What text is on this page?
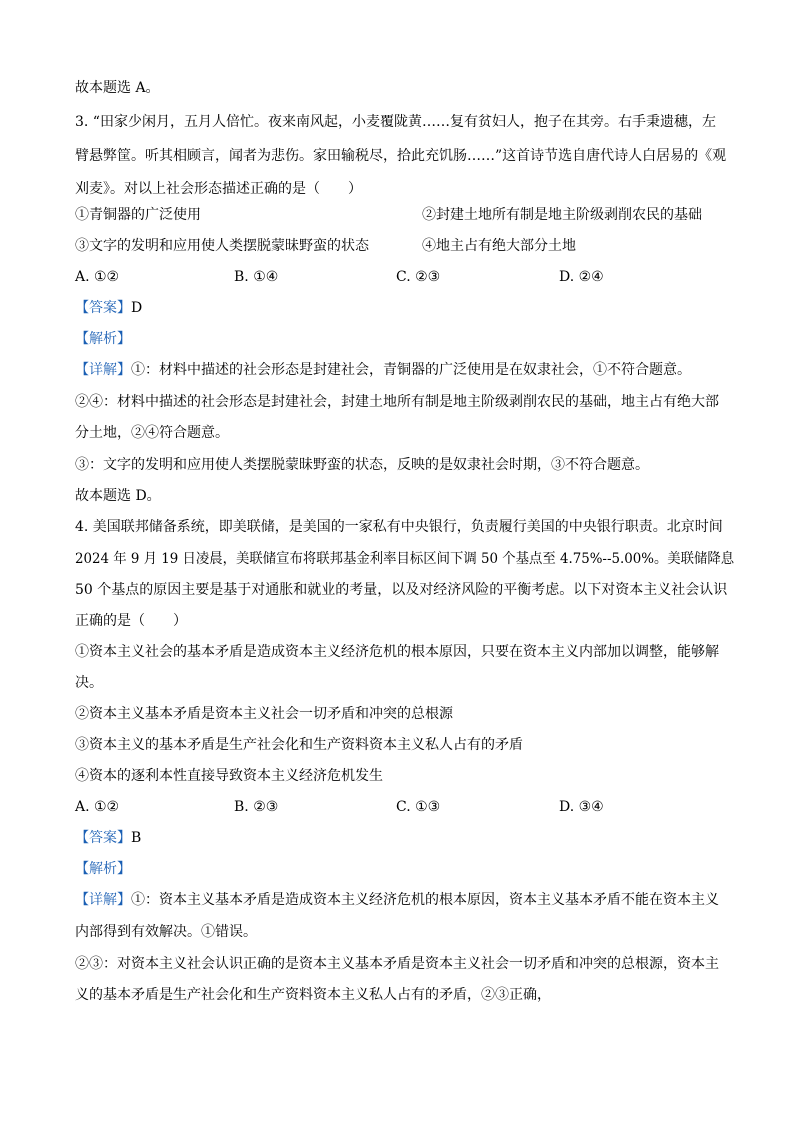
故本题选 A。
3. “田家少闲月，五月人倍忙。夜来南风起，小麦覆陇黄……复有贫妇人，抱子在其旁。右手秉遗穗，左
臂悬弊筐。听其相顾言，闻者为悲伤。家田输税尽，拾此充饥肠……”这首诗节选自唐代诗人白居易的《观
刈麦》。对以上社会形态描述正确的是（　　）
①青铜器的广泛使用	②封建土地所有制是地主阶级剥削农民的基础
③文字的发明和应用使人类摆脱蒙昧野蛮的状态	④地主占有绝大部分土地
A. ①②	B. ①④	C. ②③	D. ②④
【答案】D
【解析】
【详解】①：材料中描述的社会形态是封建社会，青铜器的广泛使用是在奴隶社会，①不符合题意。
②④：材料中描述的社会形态是封建社会，封建土地所有制是地主阶级剥削农民的基础，地主占有绝大部
分土地，②④符合题意。
③：文字的发明和应用使人类摆脱蒙昧野蛮的状态，反映的是奴隶社会时期，③不符合题意。
故本题选 D。
4. 美国联邦储备系统，即美联储，是美国的一家私有中央银行，负责履行美国的中央银行职责。北京时间
2024 年 9 月 19 日凌晨，美联储宣布将联邦基金利率目标区间下调 50 个基点至 4.75%--5.00%。美联储降息
50 个基点的原因主要是基于对通胀和就业的考量，以及对经济风险的平衡考虑。以下对资本主义社会认识
正确的是（　　）
①资本主义社会的基本矛盾是造成资本主义经济危机的根本原因，只要在资本主义内部加以调整，能够解
决。
②资本主义基本矛盾是资本主义社会一切矛盾和冲突的总根源
③资本主义的基本矛盾是生产社会化和生产资料资本主义私人占有的矛盾
④资本的逐利本性直接导致资本主义经济危机发生
A. ①②	B. ②③	C. ①③	D. ③④
【答案】B
【解析】
【详解】①：资本主义基本矛盾是造成资本主义经济危机的根本原因，资本主义基本矛盾不能在资本主义
内部得到有效解决。①错误。
②③：对资本主义社会认识正确的是资本主义基本矛盾是资本主义社会一切矛盾和冲突的总根源，资本主
义的基本矛盾是生产社会化和生产资料资本主义私人占有的矛盾，②③正确，
